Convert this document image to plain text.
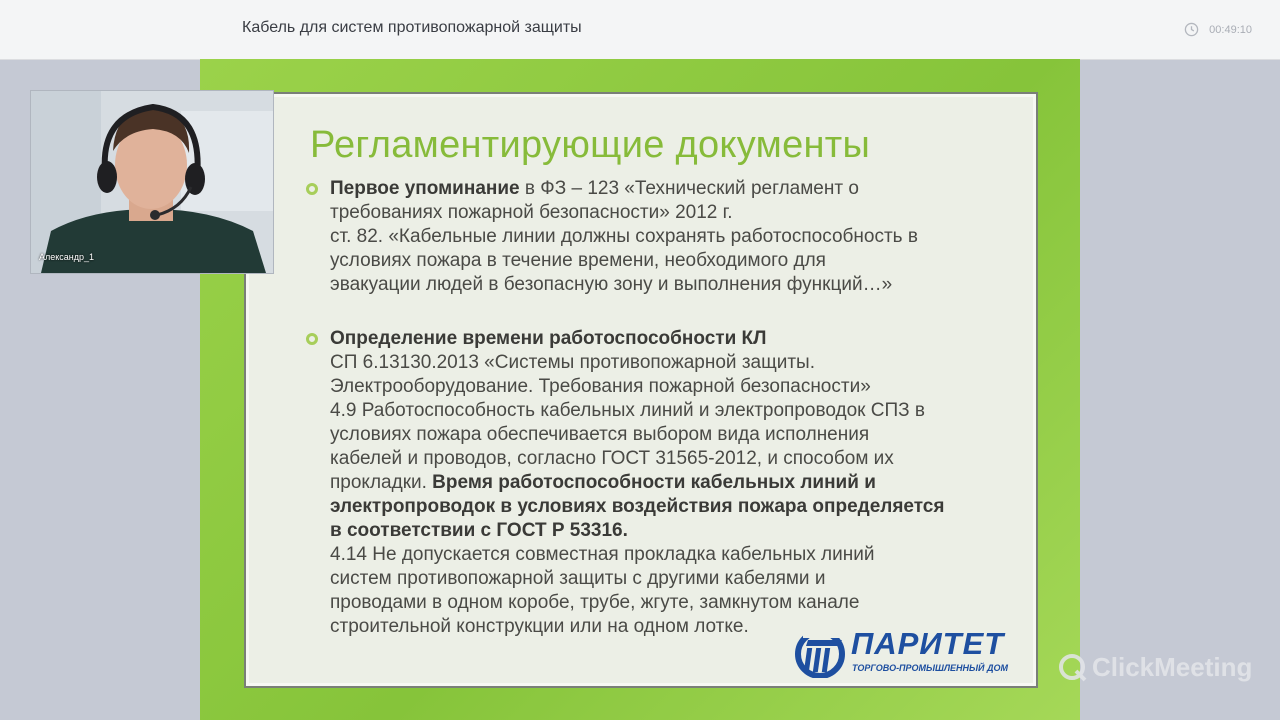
Кабель для систем противопожарной защиты	00:49:10
Регламентирующие документы

Первое упоминание в ФЗ – 123 «Технический регламент о

требованиях пожарной безопасности» 2012 г.

ст. 82. «Кабельные линии должны сохранять работоспособность в

условиях пожара в течение времени, необходимого для

эвакуации людей в безопасную зону и выполнения функций…»

Определение времени работоспособности КЛ

СП 6.13130.2013 «Системы противопожарной защиты.

Электрооборудование. Требования пожарной безопасности»

4.9 Работоспособность кабельных линий и электропроводок СПЗ в

условиях пожара обеспечивается выбором вида исполнения

кабелей и проводов, согласно ГОСТ 31565-2012, и способом их

прокладки. Время работоспособности кабельных линий и

электропроводок в условиях воздействия пожара определяется

в соответствии с ГОСТ Р 53316.

4.14 Не допускается совместная прокладка кабельных линий

систем противопожарной защиты с другими кабелями и

проводами в одном коробе, трубе, жгуте, замкнутом канале

строительной конструкции или на одном лотке.	ПАРИТЕТ
ТОРГОВО-ПРОМЫШЛЕННЫЙ ДОМ
Александр_1
ClickMeeting
